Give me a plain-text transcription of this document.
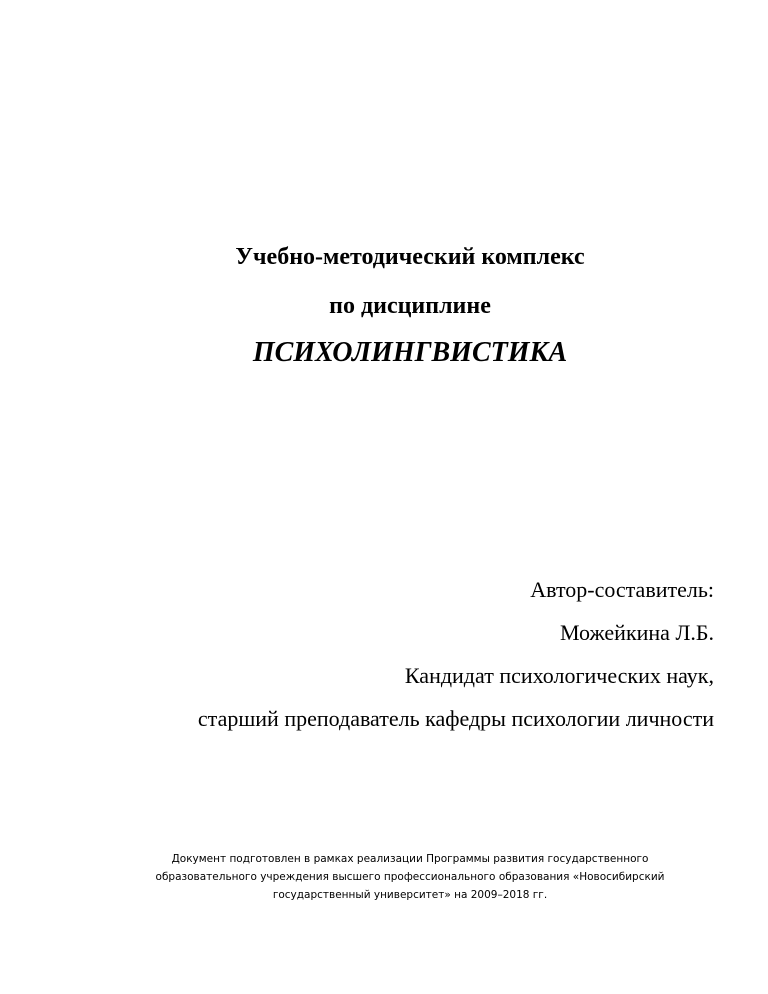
Учебно-методический комплекс
по дисциплине
ПСИХОЛИНГВИСТИКА
Автор-составитель:
Можейкина Л.Б.
Кандидат психологических наук,
старший преподаватель кафедры психологии личности
Документ подготовлен в рамках реализации Программы развития государственного
образовательного учреждения высшего профессионального образования «Новосибирский
государственный университет» на 2009–2018 гг.
